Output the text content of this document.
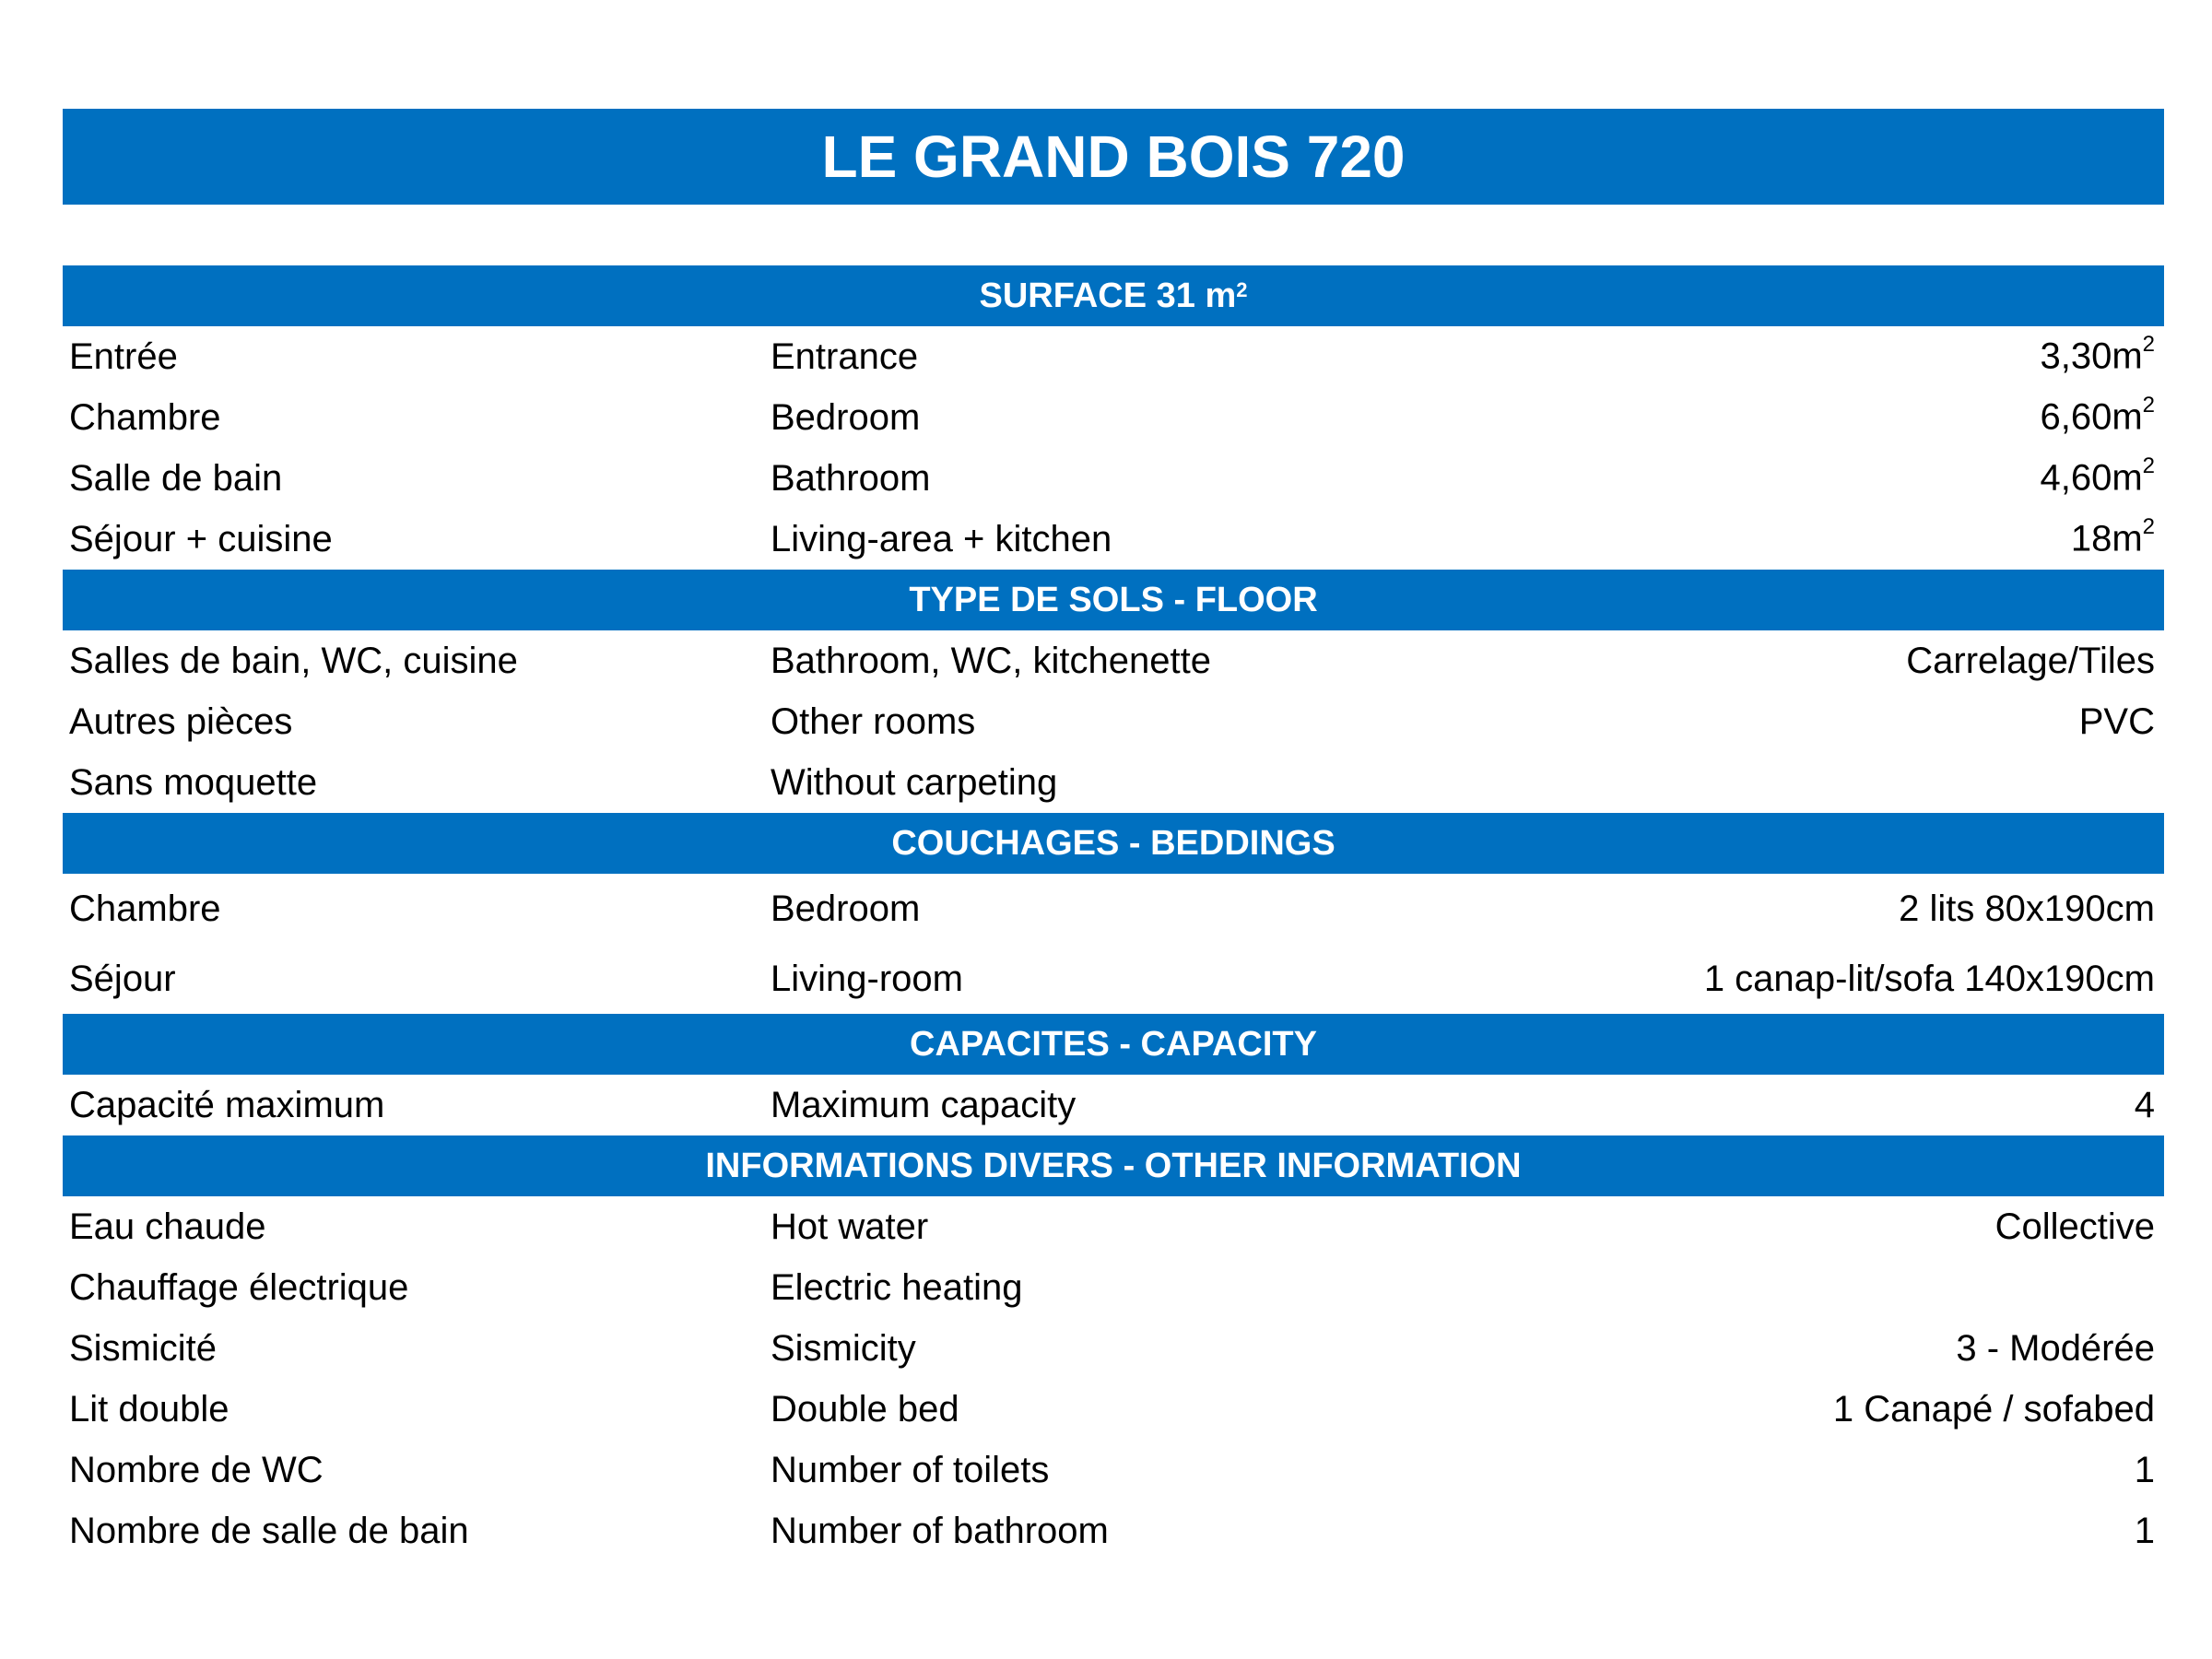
LE GRAND BOIS 720
SURFACE 31 $m^2$
Entrée	Entrance	$3,30m^2$
Chambre	Bedroom	$6,60m^2$
Salle de bain	Bathroom	$4,60m^2$
Séjour + cuisine	Living-area + kitchen	$18m^2$
TYPE DE SOLS - FLOOR
Salles de bain, WC, cuisine	Bathroom, WC, kitchenette	Carrelage/Tiles
Autres pièces	Other rooms	PVC
Sans moquette	Without carpeting
COUCHAGES - BEDDINGS
Chambre	Bedroom	2 lits 80x190cm
Séjour	Living-room	1 canap-lit/sofa 140x190cm
CAPACITES - CAPACITY
Capacité maximum	Maximum capacity	4
INFORMATIONS DIVERS - OTHER INFORMATION
Eau chaude	Hot water	Collective
Chauffage électrique	Electric heating
Sismicité	Sismicity	3 - Modérée
Lit double	Double bed	1 Canapé / sofabed
Nombre de WC	Number of toilets	1
Nombre de salle de bain	Number of bathroom	1
